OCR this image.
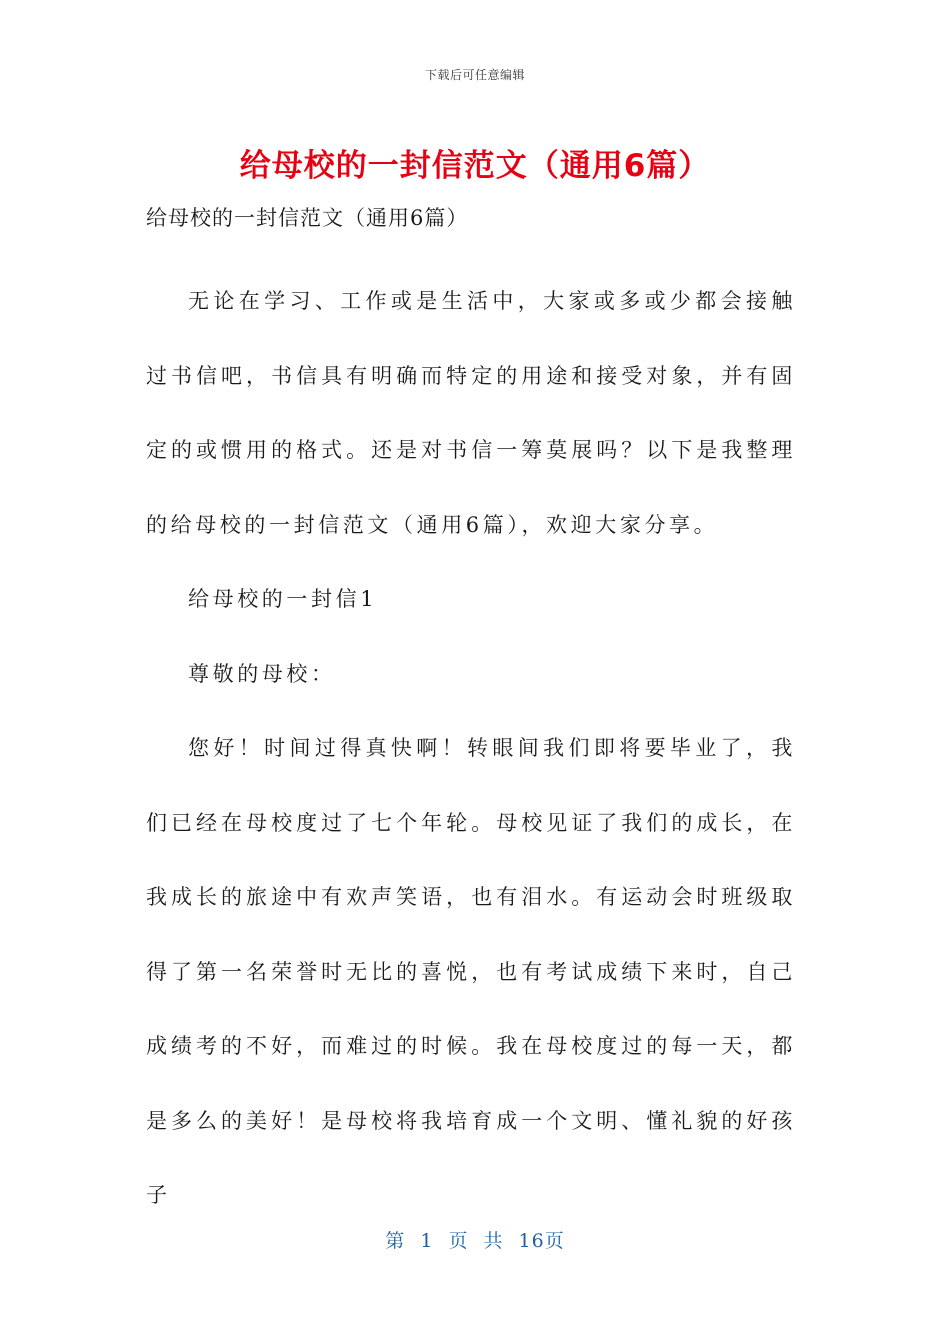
下载后可任意编辑
给母校的一封信范文（通用6篇）
给母校的一封信范文（通用6篇）

无论在学习、工作或是生活中，大家或多或少都会接触过书信吧，书信具有明确而特定的用途和接受对象，并有固定的或惯用的格式。还是对书信一筹莫展吗？以下是我整理的给母校的一封信范文（通用6篇），欢迎大家分享。

给母校的一封信1

尊敬的母校：

您好！时间过得真快啊！转眼间我们即将要毕业了，我们已经在母校度过了七个年轮。母校见证了我们的成长，在我成长的旅途中有欢声笑语，也有泪水。有运动会时班级取得了第一名荣誉时无比的喜悦，也有考试成绩下来时，自己成绩考的不好，而难过的时候。我在母校度过的每一天，都是多么的美好！是母校将我培育成一个文明、懂礼貌的好孩子

第 1 页 共 16页
